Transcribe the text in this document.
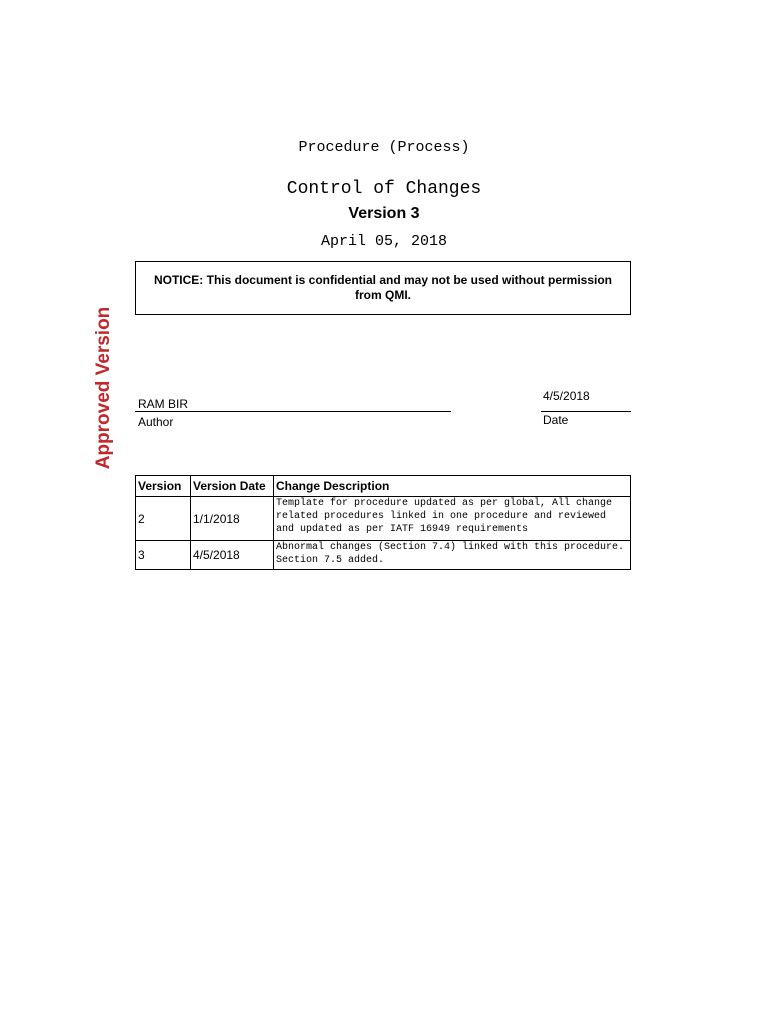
Procedure (Process)
Control of Changes
Version 3
April 05, 2018
NOTICE: This document is confidential and may not be used without permission from QMI.
Approved Version RAM BIR
Author
4/5/2018
Date
Version	Version Date	Change Description
2	1/1/2018	Template for procedure updated as per global, All change related procedures linked in one procedure and reviewed and updated as per IATF 16949 requirements
3	4/5/2018	Abnormal changes (Section 7.4) linked with this procedure. Section 7.5 added.
